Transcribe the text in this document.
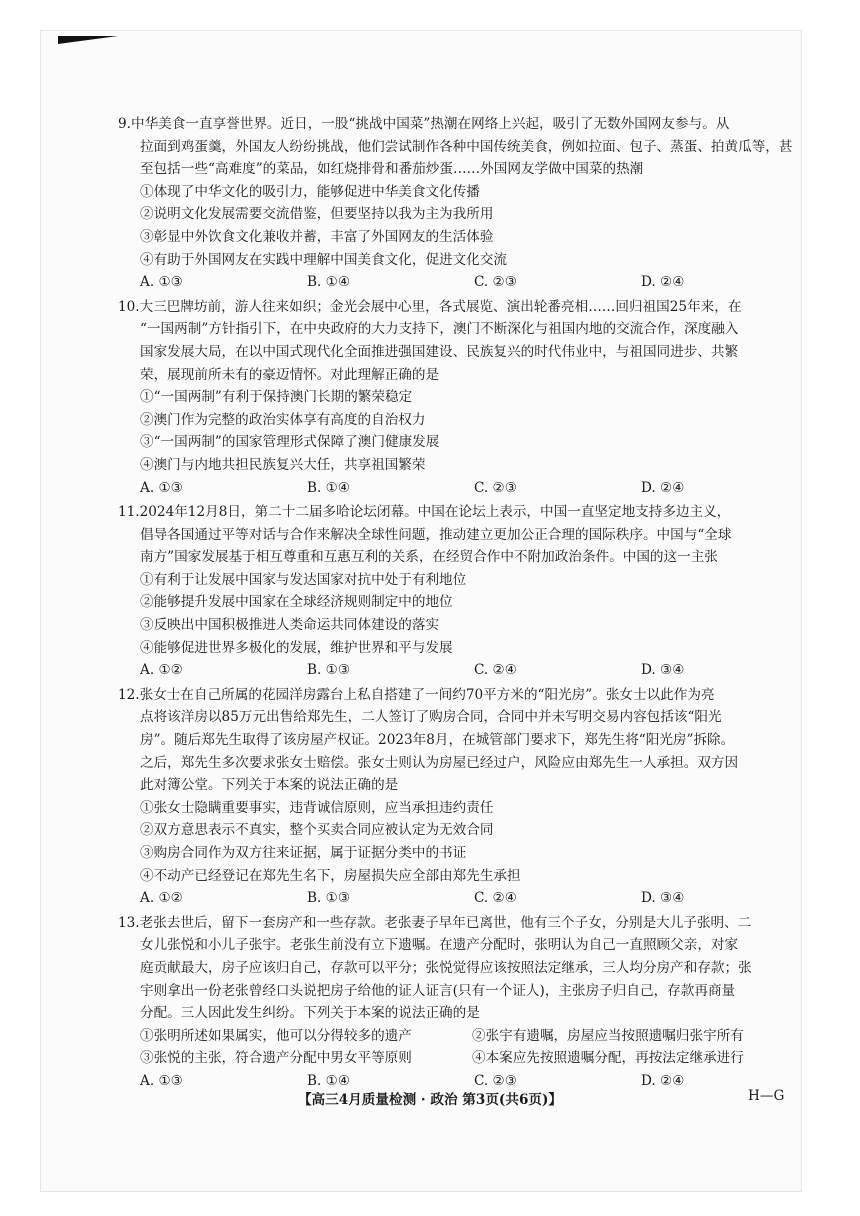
9.中华美食一直享誉世界。近日，一股“挑战中国菜”热潮在网络上兴起，吸引了无数外国网友参与。从

拉面到鸡蛋羹，外国友人纷纷挑战，他们尝试制作各种中国传统美食，例如拉面、包子、蒸蛋、拍黄瓜等，甚

至包括一些“高难度”的菜品，如红烧排骨和番茄炒蛋……外国网友学做中国菜的热潮

①体现了中华文化的吸引力，能够促进中华美食文化传播

②说明文化发展需要交流借鉴，但要坚持以我为主为我所用

③彰显中外饮食文化兼收并蓄，丰富了外国网友的生活体验

④有助于外国网友在实践中理解中国美食文化，促进文化交流

A. ①③	B. ①④	C. ②③	D. ②④

10.大三巴牌坊前，游人往来如织；金光会展中心里，各式展览、演出轮番亮相……回归祖国25年来，在

“一国两制”方针指引下，在中央政府的大力支持下，澳门不断深化与祖国内地的交流合作，深度融入

国家发展大局，在以中国式现代化全面推进强国建设、民族复兴的时代伟业中，与祖国同进步、共繁

荣，展现前所未有的豪迈情怀。对此理解正确的是

①“一国两制”有利于保持澳门长期的繁荣稳定

②澳门作为完整的政治实体享有高度的自治权力

③“一国两制”的国家管理形式保障了澳门健康发展

④澳门与内地共担民族复兴大任，共享祖国繁荣

A. ①③	B. ①④	C. ②③	D. ②④

11.2024年12月8日，第二十二届多哈论坛闭幕。中国在论坛上表示，中国一直坚定地支持多边主义，

倡导各国通过平等对话与合作来解决全球性问题，推动建立更加公正合理的国际秩序。中国与“全球

南方”国家发展基于相互尊重和互惠互利的关系，在经贸合作中不附加政治条件。中国的这一主张

①有利于让发展中国家与发达国家对抗中处于有利地位

②能够提升发展中国家在全球经济规则制定中的地位

③反映出中国积极推进人类命运共同体建设的落实

④能够促进世界多极化的发展，维护世界和平与发展

A. ①②	B. ①③	C. ②④	D. ③④

12.张女士在自己所属的花园洋房露台上私自搭建了一间约70平方米的“阳光房”。张女士以此作为亮

点将该洋房以85万元出售给郑先生，二人签订了购房合同，合同中并未写明交易内容包括该“阳光

房”。随后郑先生取得了该房屋产权证。2023年8月，在城管部门要求下，郑先生将“阳光房”拆除。

之后，郑先生多次要求张女士赔偿。张女士则认为房屋已经过户，风险应由郑先生一人承担。双方因

此对簿公堂。下列关于本案的说法正确的是

①张女士隐瞒重要事实，违背诚信原则，应当承担违约责任

②双方意思表示不真实，整个买卖合同应被认定为无效合同

③购房合同作为双方往来证据，属于证据分类中的书证

④不动产已经登记在郑先生名下，房屋损失应全部由郑先生承担

A. ①②	B. ①③	C. ②④	D. ③④

13.老张去世后，留下一套房产和一些存款。老张妻子早年已离世，他有三个子女，分别是大儿子张明、二

女儿张悦和小儿子张宇。老张生前没有立下遗嘱。在遗产分配时，张明认为自己一直照顾父亲，对家

庭贡献最大，房子应该归自己，存款可以平分；张悦觉得应该按照法定继承，三人均分房产和存款；张

宇则拿出一份老张曾经口头说把房子给他的证人证言(只有一个证人)，主张房子归自己，存款再商量

分配。三人因此发生纠纷。下列关于本案的说法正确的是

①张明所述如果属实，他可以分得较多的遗产	②张宇有遗嘱，房屋应当按照遗嘱归张宇所有
③张悦的主张，符合遗产分配中男女平等原则	④本案应先按照遗嘱分配，再按法定继承进行
A. ①③	B. ①④	C. ②③	D. ②④
【高三4月质量检测 · 政治 第3页(共6页)】	H—G
